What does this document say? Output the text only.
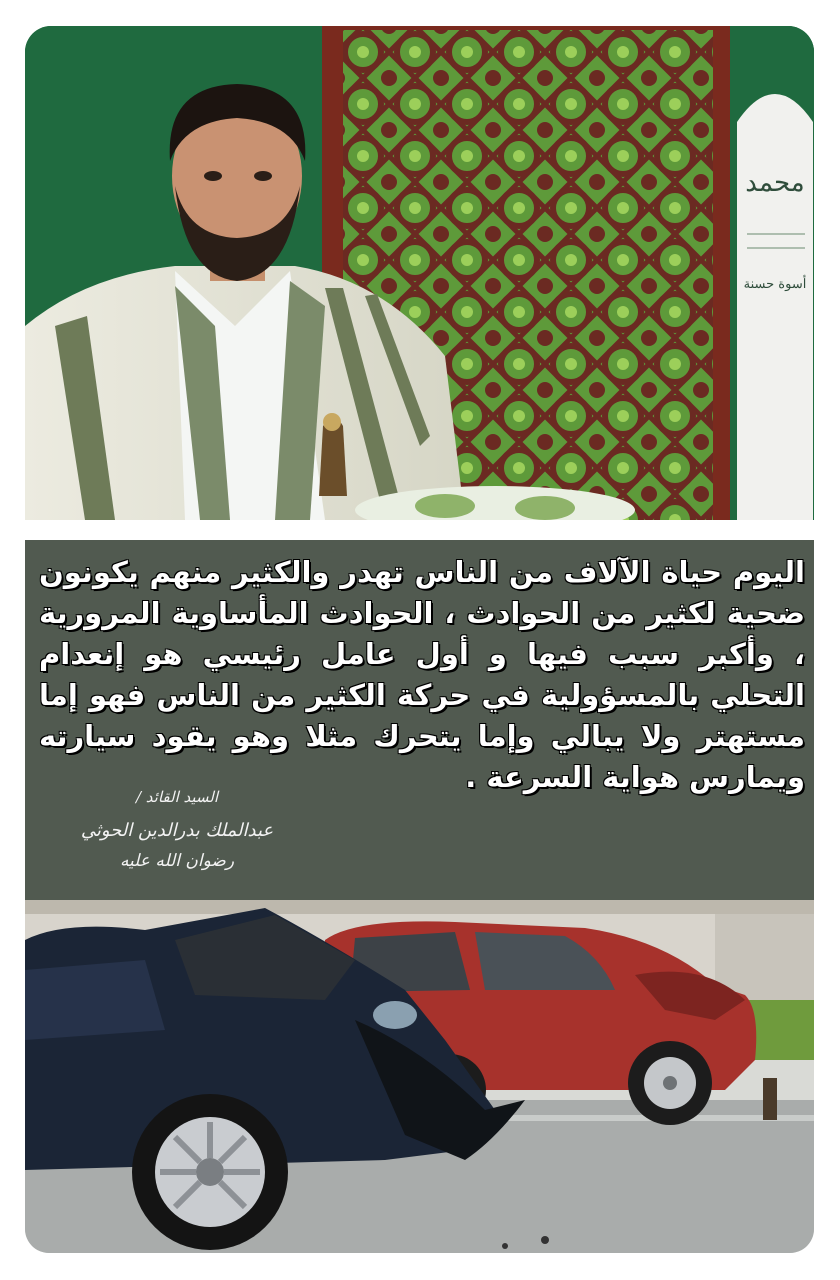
محمد
أسوة حسنة
اليوم حياة الآلاف من الناس تهدر والكثير منهم يكونون ضحية لكثير من الحوادث ، الحوادث المأساوية المرورية ، وأكبر سبب فيها و أول عامل رئيسي هو إنعدام التحلي بالمسؤولية في حركة الكثير من الناس فهو إما مستهتر ولا يبالي وإما يتحرك مثلا وهو يقود سيارته ويمارس هواية السرعة .
السيد القائد /
عبدالملك بدرالدين الحوثي
رضوان الله عليه
